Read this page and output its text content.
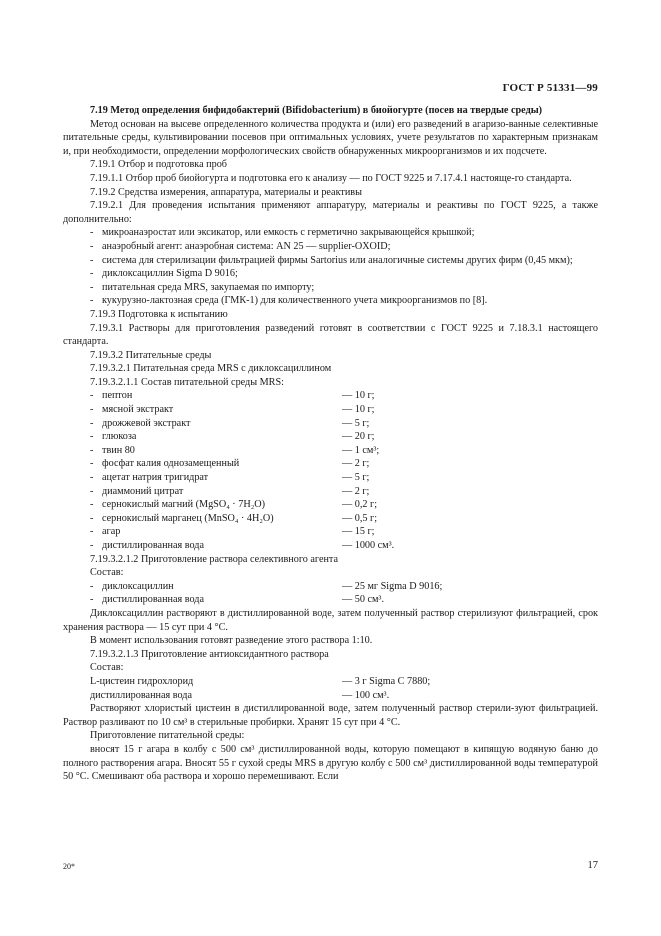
ГОСТ Р 51331—99

7.19 Метод определения бифидобактерий (Bifidobacterium) в биойогурте (посев на твердые среды)

Метод основан на высеве определенного количества продукта и (или) его разведений в агаризо-ванные селективные питательные среды, культивировании посевов при оптимальных условиях, учете результатов по характерным признакам и, при необходимости, определении морфологических свойств обнаруженных микроорганизмов и их подсчете.

7.19.1 Отбор и подготовка проб

7.19.1.1 Отбор проб биойогурта и подготовка его к анализу — по ГОСТ 9225 и 7.17.4.1 настояще-го стандарта.

7.19.2 Средства измерения, аппаратура, материалы и реактивы

7.19.2.1 Для проведения испытания применяют аппаратуру, материалы и реактивы по ГОСТ 9225, а также дополнительно:

- микроанаэростат или эксикатор, или емкость с герметично закрывающейся крышкой;
- анаэробный агент: анаэробная система: AN 25 — supplier-OXOID;
- система для стерилизации фильтрацией фирмы Sartorius или аналогичные системы других фирм (0,45 мкм);
- диклоксациллин Sigma D 9016;
- питательная среда MRS, закупаемая по импорту;
- кукурузно-лактозная среда (ГМК-1) для количественного учета микроорганизмов по [8].

7.19.3 Подготовка к испытанию

7.19.3.1 Растворы для приготовления разведений готовят в соответствии с ГОСТ 9225 и 7.18.3.1 настоящего стандарта.

7.19.3.2 Питательные среды

7.19.3.2.1 Питательная среда MRS с диклоксациллином

7.19.3.2.1.1 Состав питательной среды MRS:

- пептон	— 10 г;
- мясной экстракт	— 10 г;
- дрожжевой экстракт	— 5 г;
- глюкоза	— 20 г;
- твин 80	— 1 см³;
- фосфат калия однозамещенный	— 2 г;
- ацетат натрия тригидрат	— 5 г;
- диаммоний цитрат	— 2 г;
- сернокислый магний (MgSO₄ · 7H₂O)	— 0,2 г;
- сернокислый марганец (MnSO₄ · 4H₂O)	— 0,5 г;
- агар	— 15 г;
- дистиллированная вода	— 1000 см³.

7.19.3.2.1.2 Приготовление раствора селективного агента

Состав:

- диклоксациллин	— 25 мг Sigma D 9016;
- дистиллированная вода	— 50 см³.

Диклоксациллин растворяют в дистиллированной воде, затем полученный раствор стерилизуют фильтрацией, срок хранения раствора — 15 сут при 4 °С.

В момент использования готовят разведение этого раствора 1:10.

7.19.3.2.1.3 Приготовление антиоксидантного раствора

Состав:

L-цистеин гидрохлорид	— 3 г Sigma С 7880;
дистиллированная вода	— 100 см³.

Растворяют хлористый цистеин в дистиллированной воде, затем полученный раствор стерили-зуют фильтрацией. Раствор разливают по 10 см³ в стерильные пробирки. Хранят 15 сут при 4 °С.

Приготовление питательной среды:

вносят 15 г агара в колбу с 500 см³ дистиллированной воды, которую помещают в кипящую водяную баню до полного растворения агара. Вносят 55 г сухой среды MRS в другую колбу с 500 см³ дистиллированной воды температурой 50 °С. Смешивают оба раствора и хорошо перемешивают. Если

20*	17
